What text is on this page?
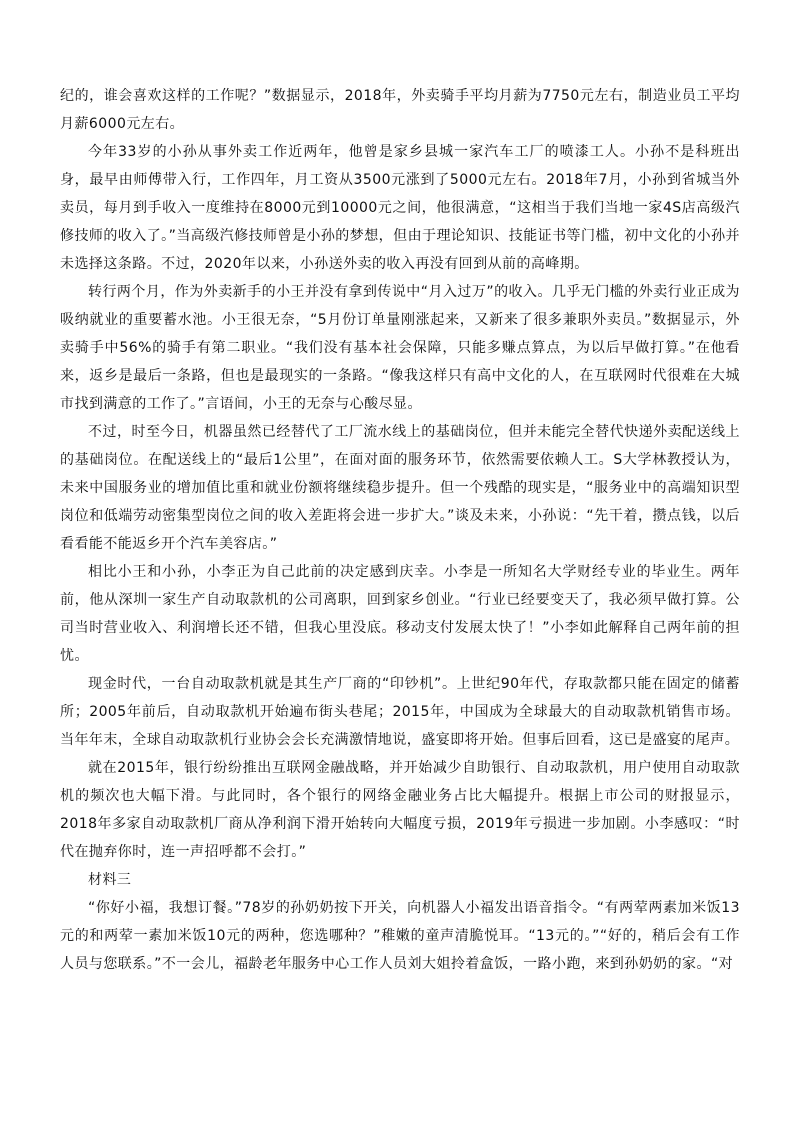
纪的，谁会喜欢这样的工作呢？”数据显示，2018年，外卖骑手平均月薪为7750元左右，制造业员工平均月薪6000元左右。

今年33岁的小孙从事外卖工作近两年，他曾是家乡县城一家汽车工厂的喷漆工人。小孙不是科班出身，最早由师傅带入行，工作四年，月工资从3500元涨到了5000元左右。2018年7月，小孙到省城当外卖员，每月到手收入一度维持在8000元到10000元之间，他很满意，“这相当于我们当地一家4S店高级汽修技师的收入了。”当高级汽修技师曾是小孙的梦想，但由于理论知识、技能证书等门槛，初中文化的小孙并未选择这条路。不过，2020年以来，小孙送外卖的收入再没有回到从前的高峰期。

转行两个月，作为外卖新手的小王并没有拿到传说中“月入过万”的收入。几乎无门槛的外卖行业正成为吸纳就业的重要蓄水池。小王很无奈，“5月份订单量刚涨起来，又新来了很多兼职外卖员。”数据显示，外卖骑手中56%的骑手有第二职业。“我们没有基本社会保障，只能多赚点算点，为以后早做打算。”在他看来，返乡是最后一条路，但也是最现实的一条路。“像我这样只有高中文化的人，在互联网时代很难在大城市找到满意的工作了。”言语间，小王的无奈与心酸尽显。

不过，时至今日，机器虽然已经替代了工厂流水线上的基础岗位，但并未能完全替代快递外卖配送线上的基础岗位。在配送线上的“最后1公里”，在面对面的服务环节，依然需要依赖人工。S大学林教授认为，未来中国服务业的增加值比重和就业份额将继续稳步提升。但一个残酷的现实是，“服务业中的高端知识型岗位和低端劳动密集型岗位之间的收入差距将会进一步扩大。”谈及未来，小孙说：“先干着，攒点钱，以后看看能不能返乡开个汽车美容店。”

相比小王和小孙，小李正为自己此前的决定感到庆幸。小李是一所知名大学财经专业的毕业生。两年前，他从深圳一家生产自动取款机的公司离职，回到家乡创业。“行业已经要变天了，我必须早做打算。公司当时营业收入、利润增长还不错，但我心里没底。移动支付发展太快了！”小李如此解释自己两年前的担忧。

现金时代，一台自动取款机就是其生产厂商的“印钞机”。上世纪90年代，存取款都只能在固定的储蓄所；2005年前后，自动取款机开始遍布街头巷尾；2015年，中国成为全球最大的自动取款机销售市场。当年年末，全球自动取款机行业协会会长充满激情地说，盛宴即将开始。但事后回看，这已是盛宴的尾声。

就在2015年，银行纷纷推出互联网金融战略，并开始减少自助银行、自动取款机，用户使用自动取款机的频次也大幅下滑。与此同时，各个银行的网络金融业务占比大幅提升。根据上市公司的财报显示，2018年多家自动取款机厂商从净利润下滑开始转向大幅度亏损，2019年亏损进一步加剧。小李感叹：“时代在抛弃你时，连一声招呼都不会打。”

材料三

“你好小福，我想订餐。”78岁的孙奶奶按下开关，向机器人小福发出语音指令。“有两荤两素加米饭13元的和两荤一素加米饭10元的两种，您选哪种？”稚嫩的童声清脆悦耳。“13元的。”“好的，稍后会有工作人员与您联系。”不一会儿，福龄老年服务中心工作人员刘大姐拎着盒饭，一路小跑，来到孙奶奶的家。“对
